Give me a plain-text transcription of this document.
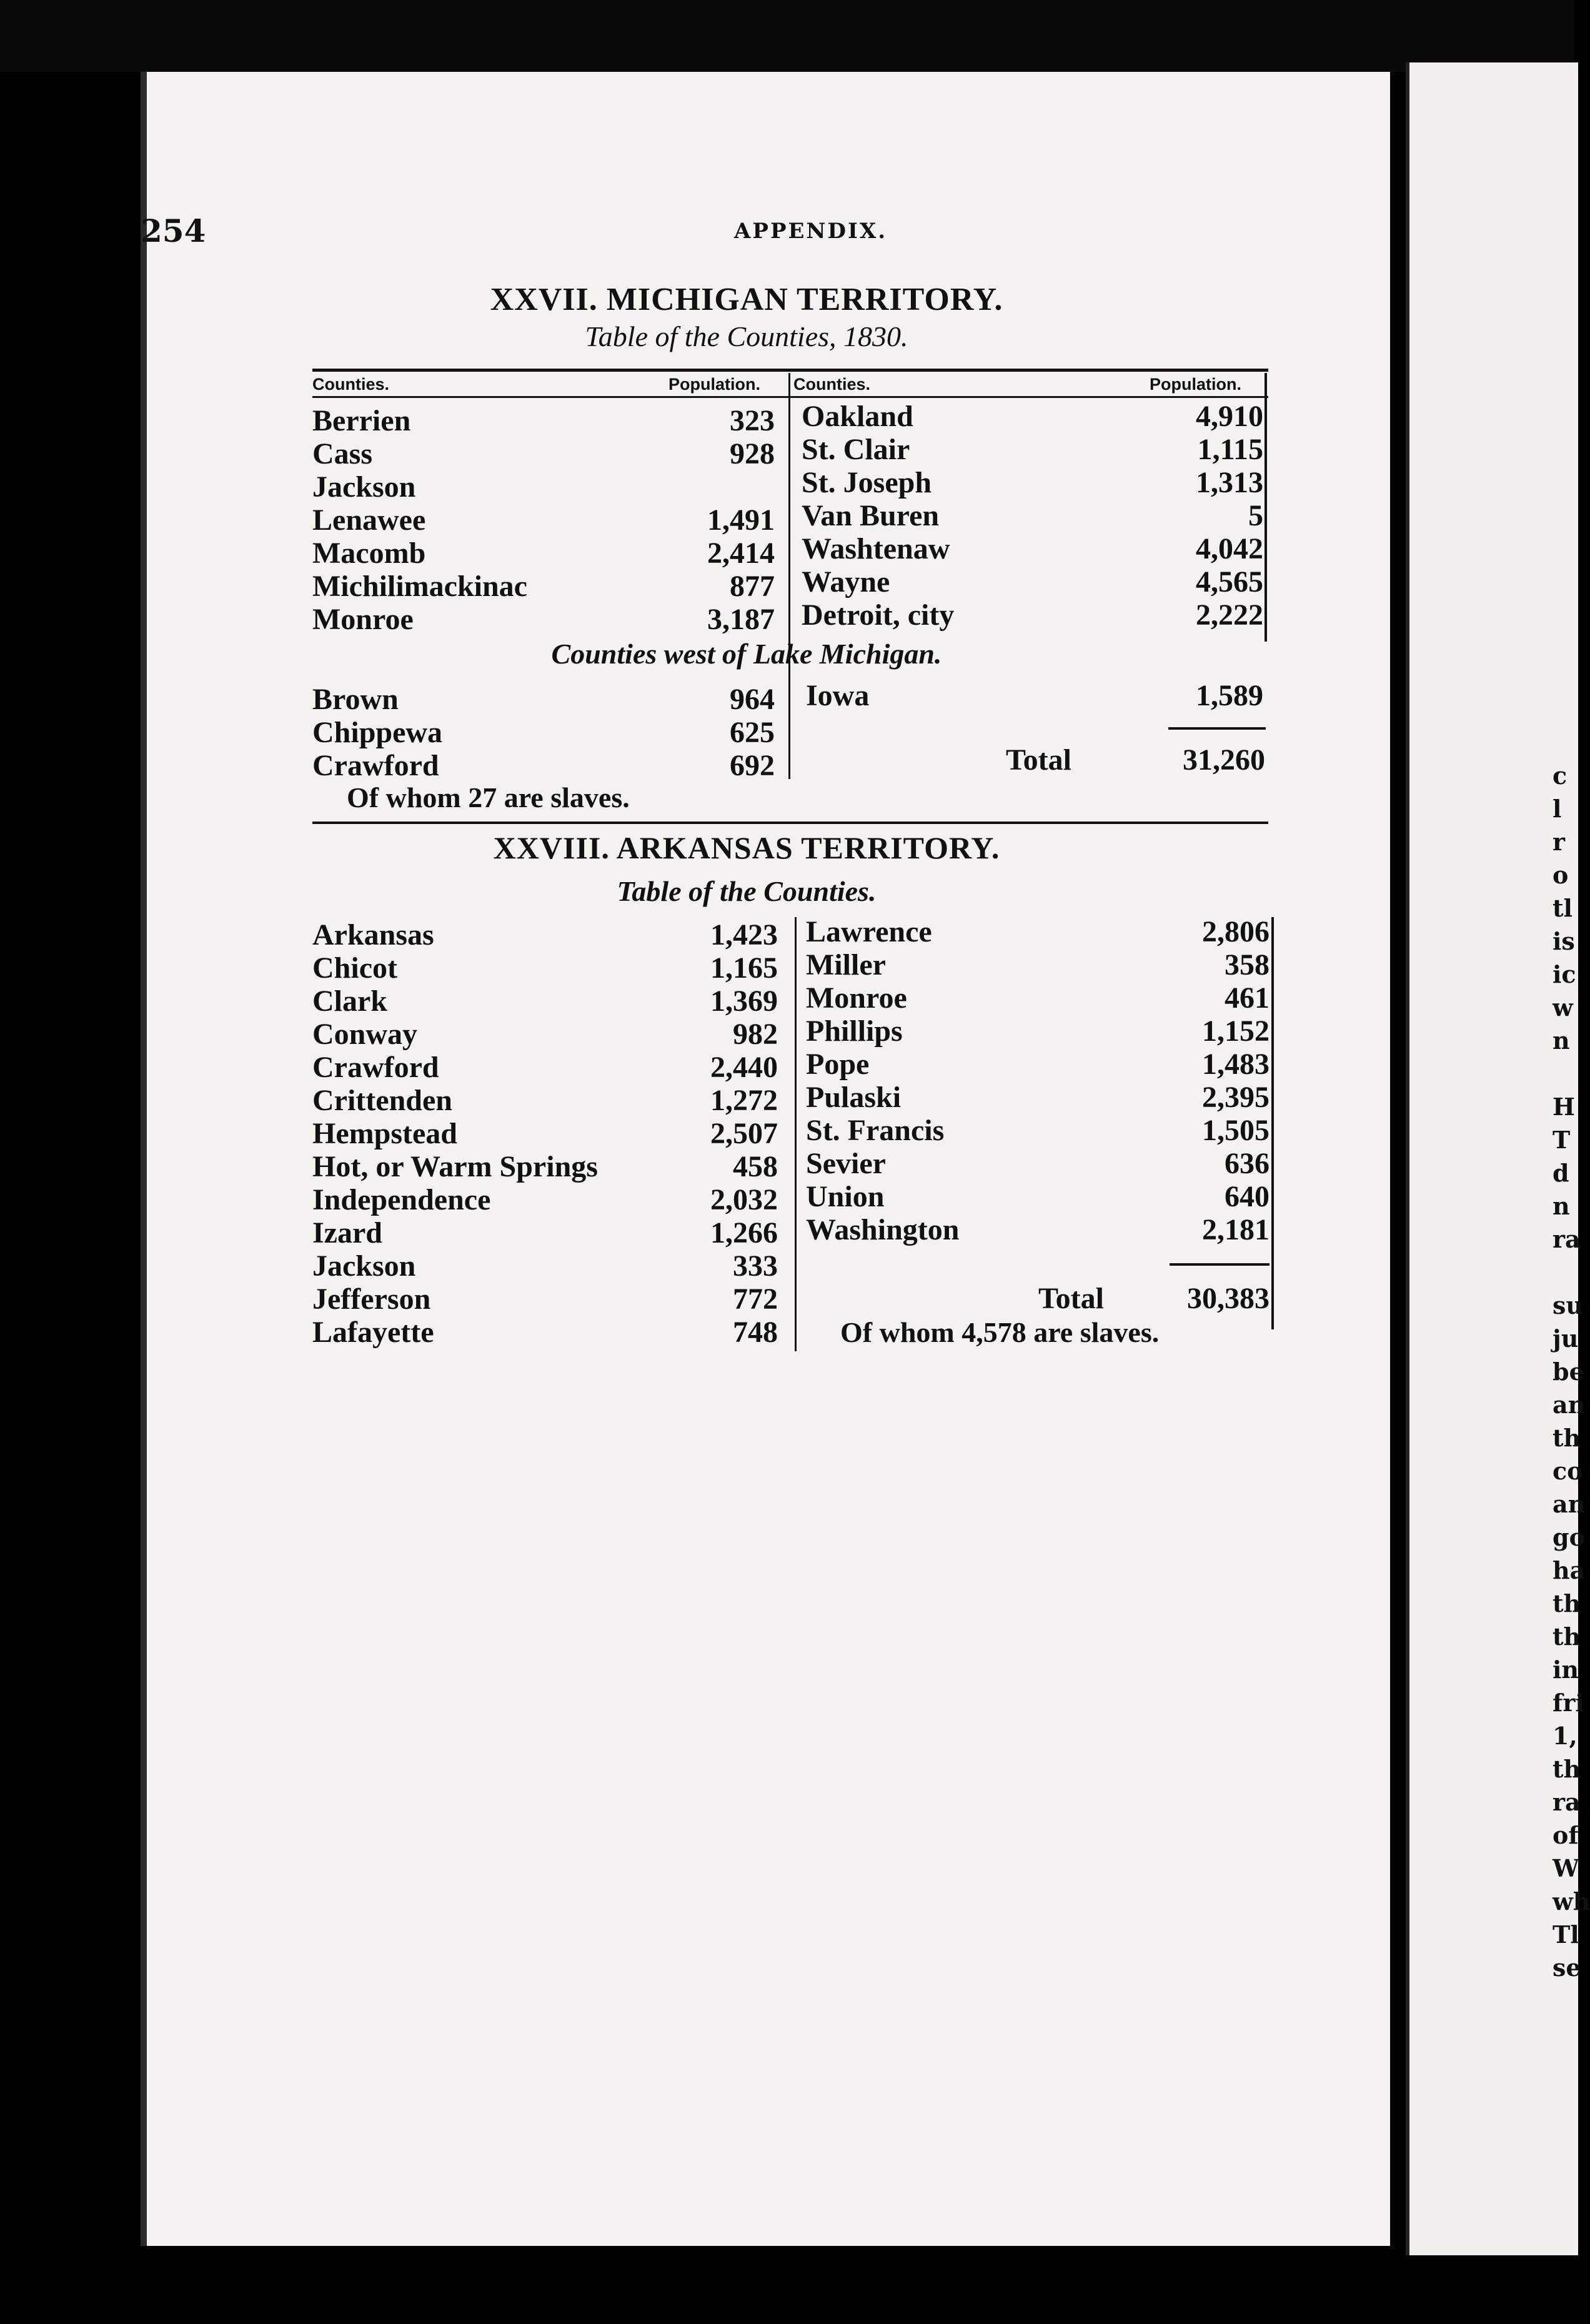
c
l
r
o
tl
is
ic
w
n
H
T
d
n
ra
su
ju
be
an
th
co
an
go
ha
th
th
in
fri
1,
th
ra
of
W
wh
Tl
se
254	APPENDIX.
XXVII. MICHIGAN TERRITORY.
Table of the Counties, 1830.
Counties.	Population. Counties.	Population.
Berrien	323
Cass	928
Jackson
Lenawee	1,491
Macomb	2,414
Michilimackinac	877
Monroe	3,187
Oakland	4,910
St. Clair	1,115
St. Joseph	1,313
Van Buren	5
Washtenaw	4,042
Wayne	4,565
Detroit, city	2,222
Counties west of Lake Michigan.
Brown	964
Chippewa	625
Crawford	692
Iowa	1,589
Total	31,260
Of whom 27 are slaves.
XXVIII. ARKANSAS TERRITORY.
Table of the Counties.
Arkansas	1,423
Chicot	1,165
Clark	1,369
Conway	982
Crawford	2,440
Crittenden	1,272
Hempstead	2,507
Hot, or Warm Springs	458
Independence	2,032
Izard	1,266
Jackson	333
Jefferson	772
Lafayette	748
Lawrence	2,806
Miller	358
Monroe	461
Phillips	1,152
Pope	1,483
Pulaski	2,395
St. Francis	1,505
Sevier	636
Union	640
Washington	2,181
Total	30,383
Of whom 4,578 are slaves.
